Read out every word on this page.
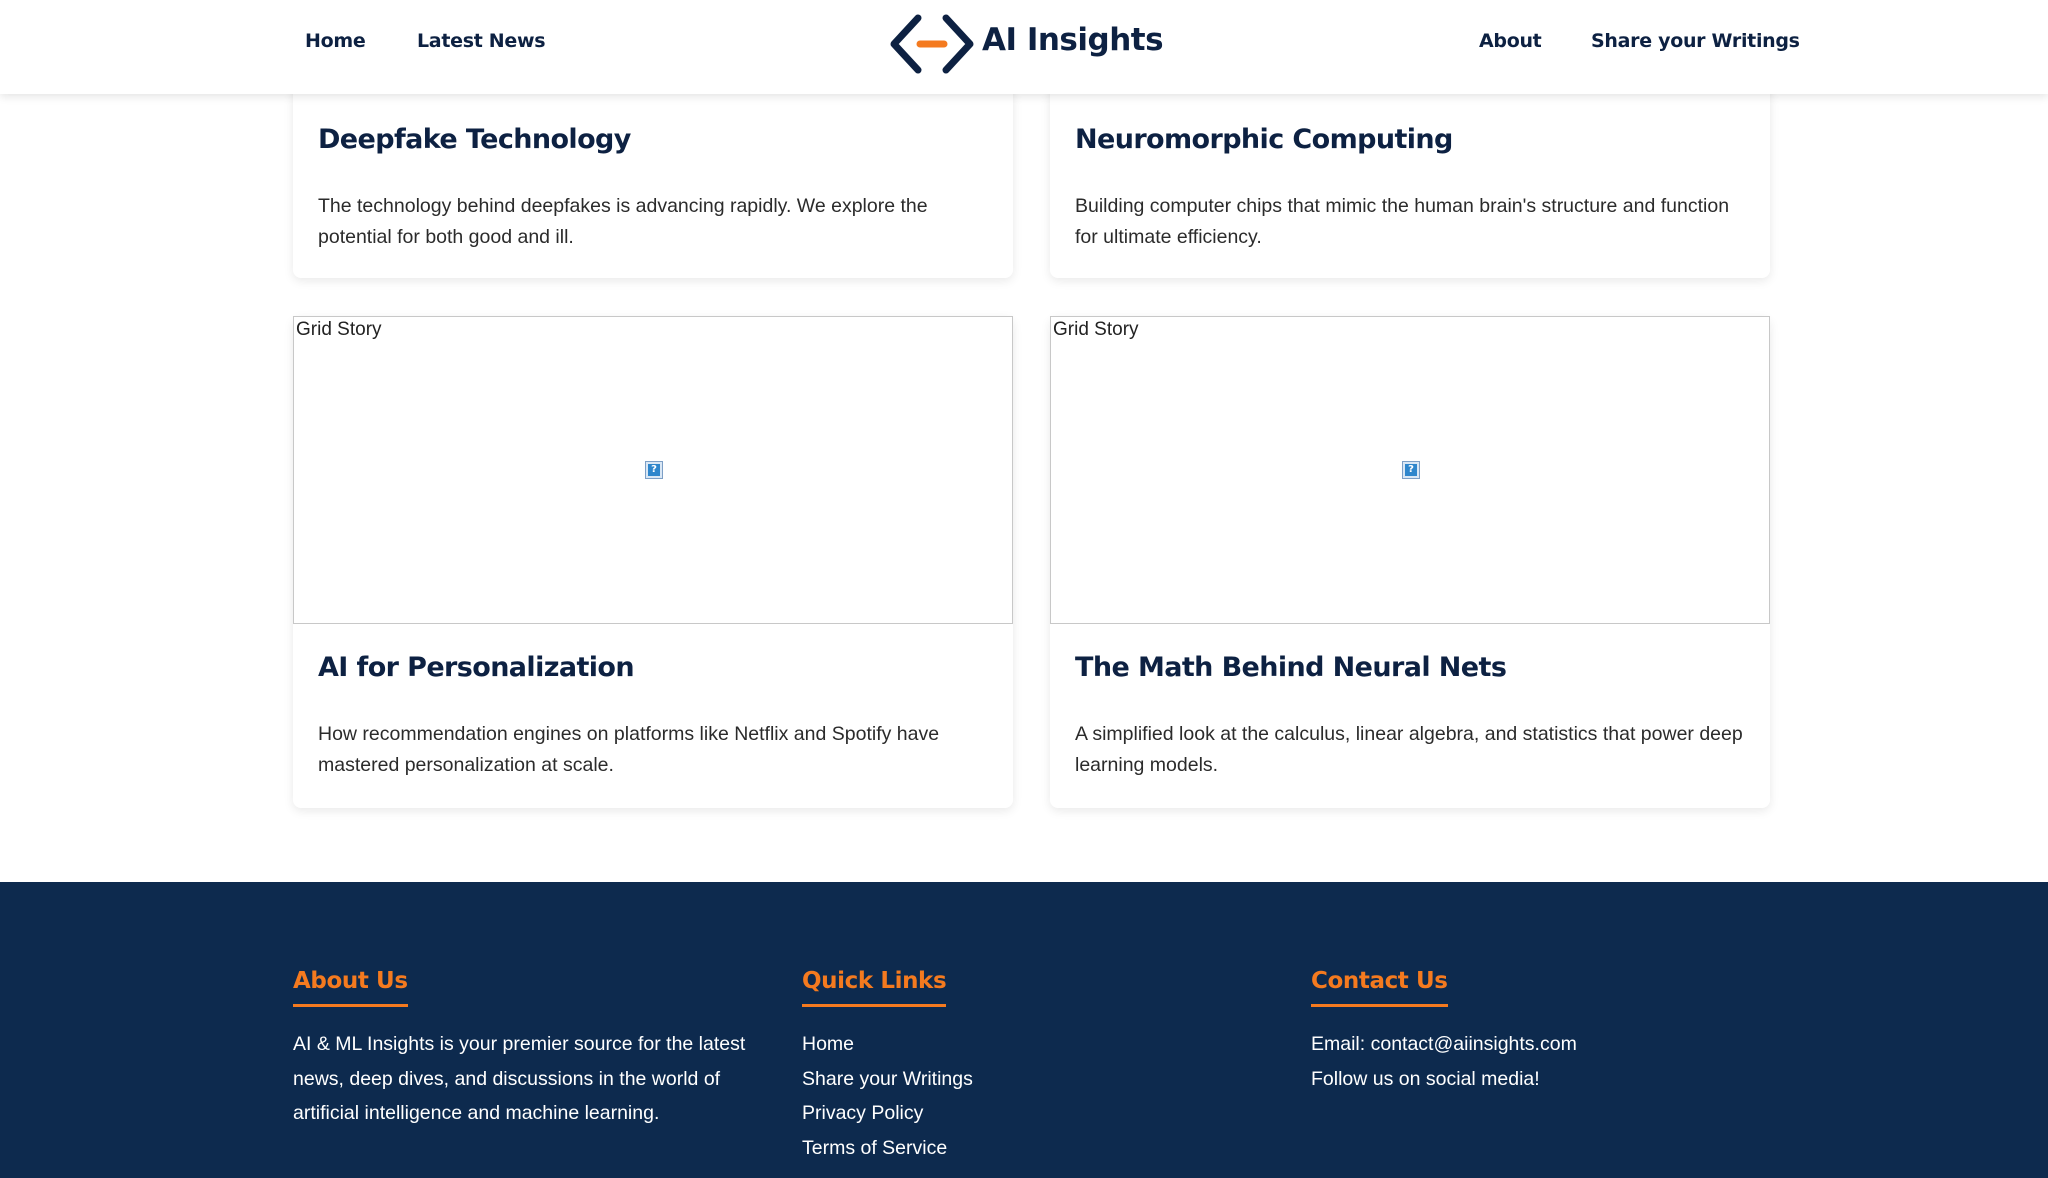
Home	Latest News	AI Insights	About	Share your Writings
Deepfake Technology
The technology behind deepfakes is advancing rapidly. We explore the potential for both good and ill.
Neuromorphic Computing
Building computer chips that mimic the human brain's structure and function for ultimate efficiency.
Grid Story
?
AI for Personalization
How recommendation engines on platforms like Netflix and Spotify have mastered personalization at scale.
Grid Story
?
The Math Behind Neural Nets
A simplified look at the calculus, linear algebra, and statistics that power deep learning models.
About Us
AI & ML Insights is your premier source for the latest news, deep dives, and discussions in the world of artificial intelligence and machine learning.
Quick Links
Home
Share your Writings
Privacy Policy
Terms of Service
Contact Us
Email: contact@aiinsights.com
Follow us on social media!
